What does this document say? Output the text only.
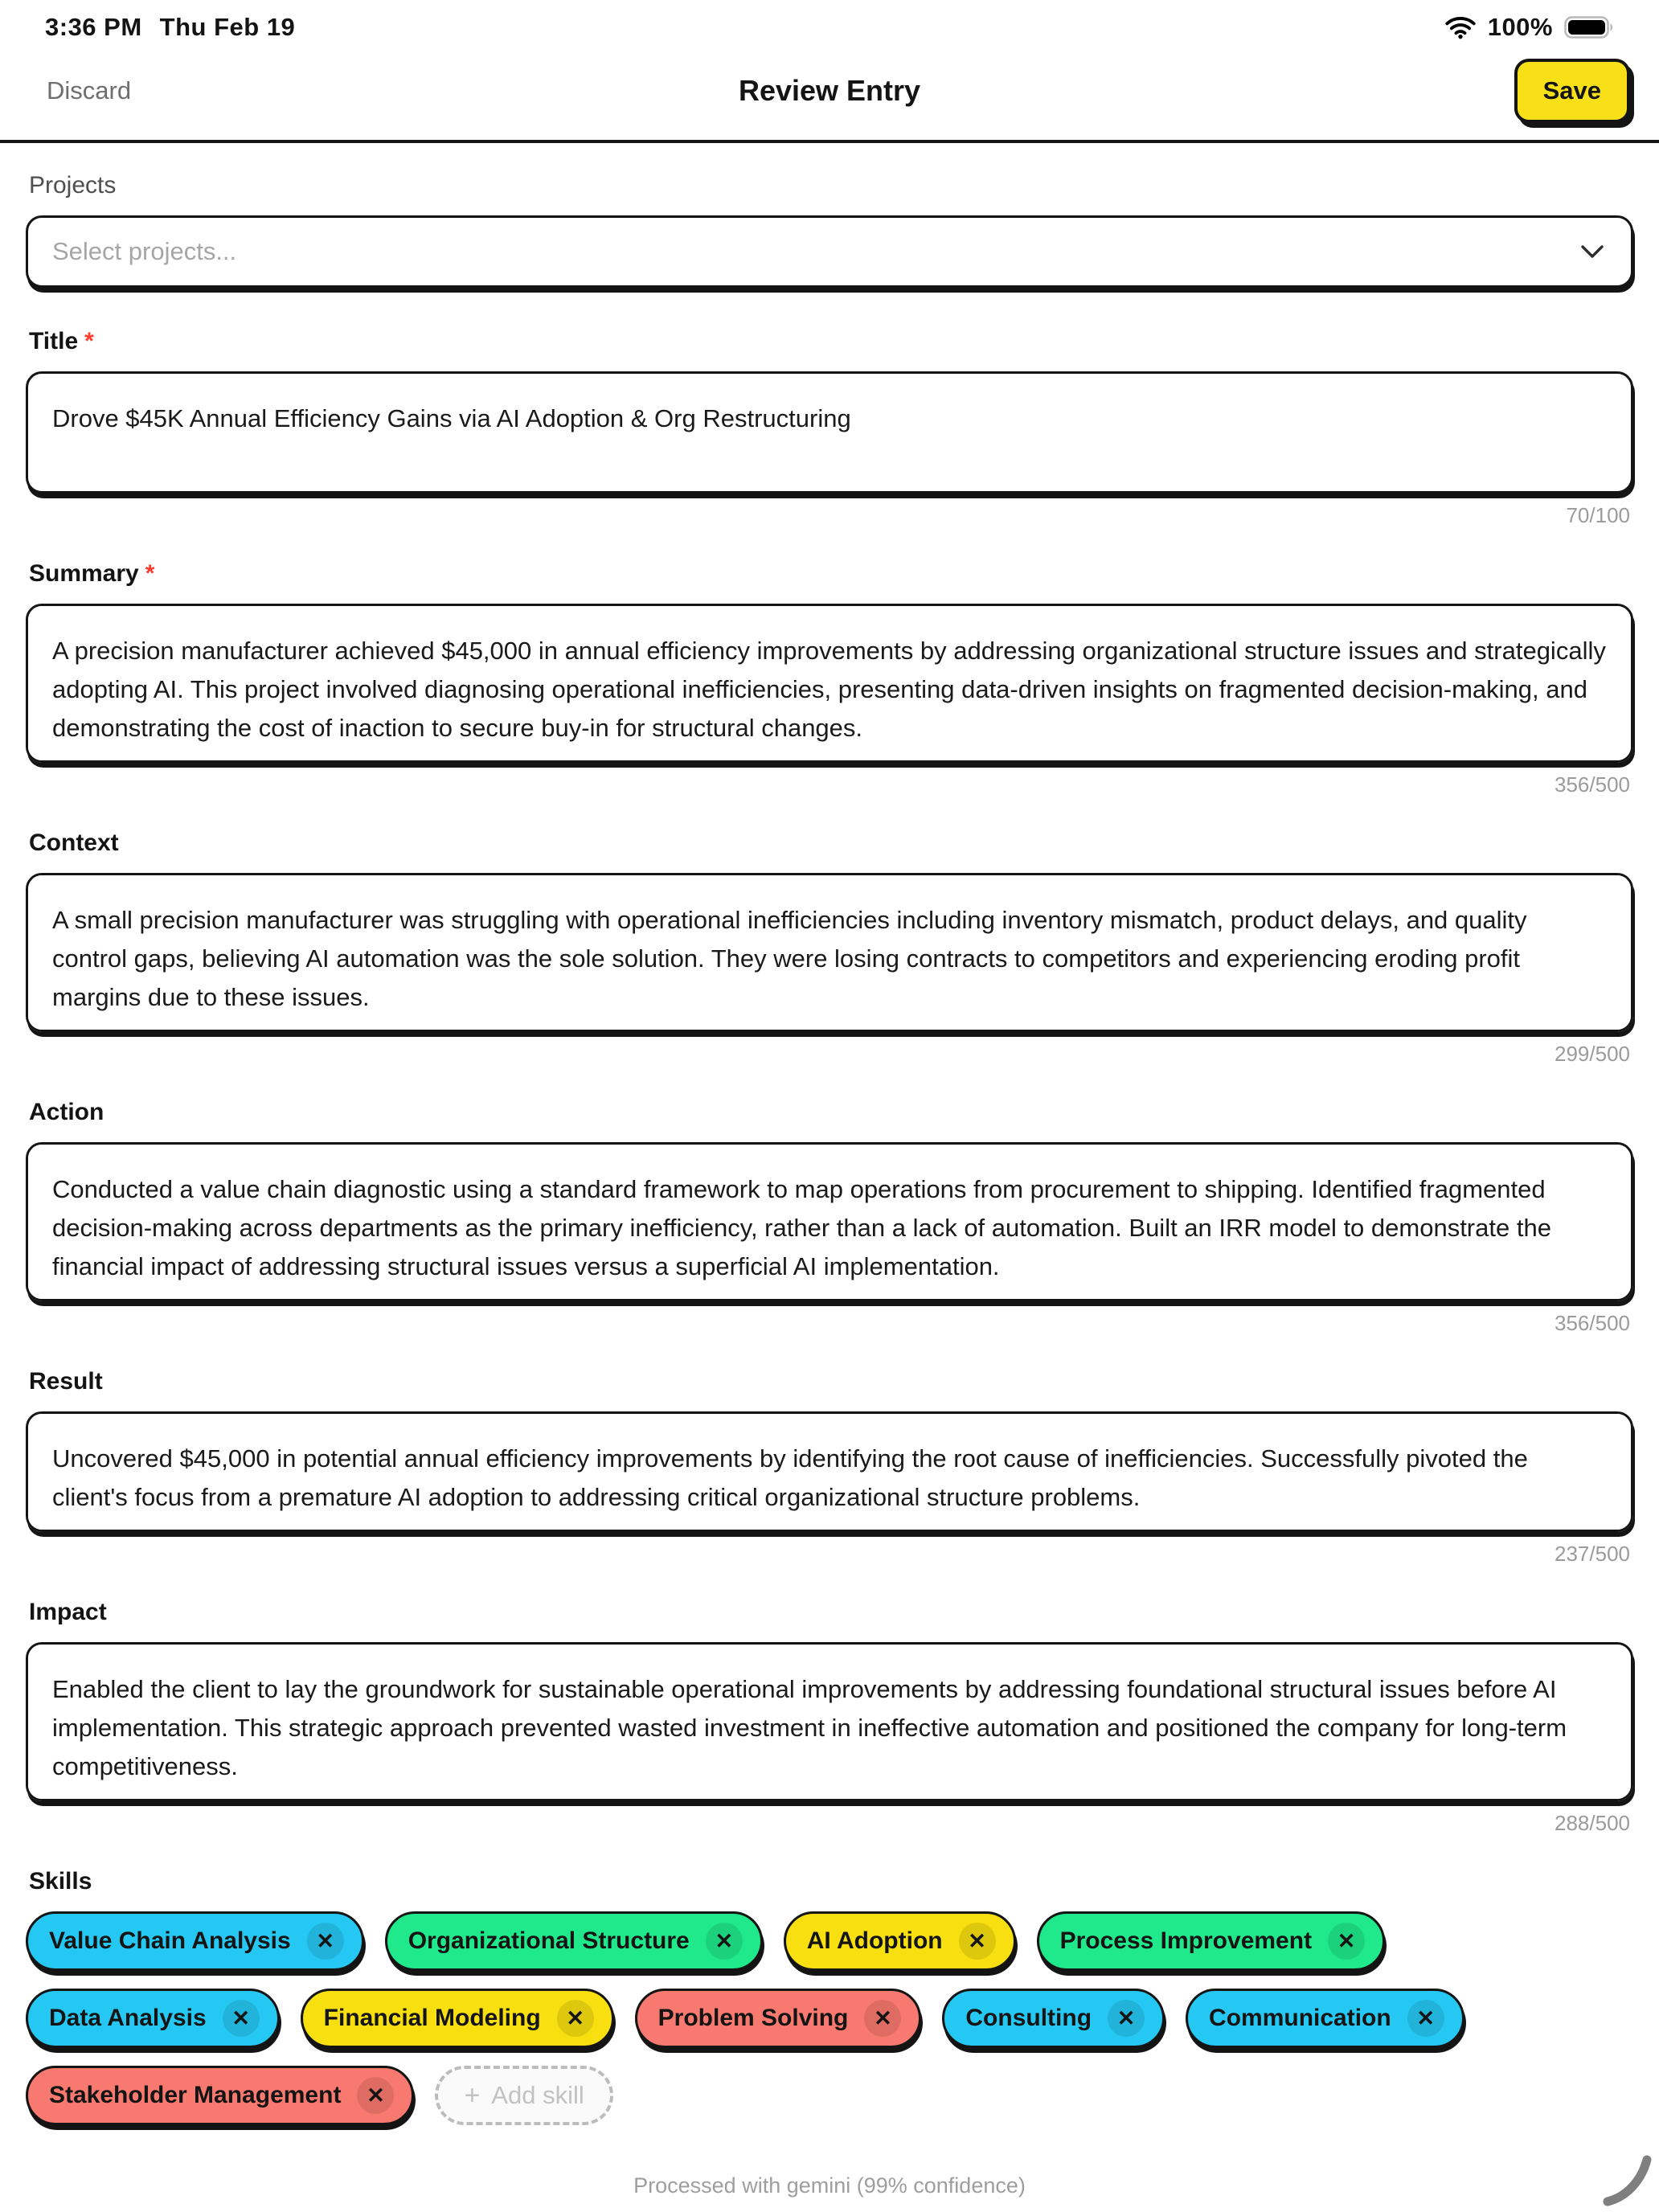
3:36 PM Thu Feb 19	100%
Discard	Review Entry	Save
Projects
Select projects...
Title *
Drove $45K Annual Efficiency Gains via AI Adoption & Org Restructuring
70/100
Summary *
A precision manufacturer achieved $45,000 in annual efficiency improvements by addressing organizational structure issues and strategically adopting AI. This project involved diagnosing operational inefficiencies, presenting data-driven insights on fragmented decision-making, and demonstrating the cost of inaction to secure buy-in for structural changes.
356/500
Context
A small precision manufacturer was struggling with operational inefficiencies including inventory mismatch, product delays, and quality control gaps, believing AI automation was the sole solution. They were losing contracts to competitors and experiencing eroding profit margins due to these issues.
299/500
Action
Conducted a value chain diagnostic using a standard framework to map operations from procurement to shipping. Identified fragmented decision-making across departments as the primary inefficiency, rather than a lack of automation. Built an IRR model to demonstrate the financial impact of addressing structural issues versus a superficial AI implementation.
356/500
Result
Uncovered $45,000 in potential annual efficiency improvements by identifying the root cause of inefficiencies. Successfully pivoted the client's focus from a premature AI adoption to addressing critical organizational structure problems.
237/500
Impact
Enabled the client to lay the groundwork for sustainable operational improvements by addressing foundational structural issues before AI implementation. This strategic approach prevented wasted investment in ineffective automation and positioned the company for long-term competitiveness.
288/500
Skills
Value Chain Analysis	✕	Organizational Structure	✕	AI Adoption	✕	Process Improvement	✕
Data Analysis	✕	Financial Modeling	✕	Problem Solving	✕	Consulting	✕	Communication	✕
Stakeholder Management	✕	+ Add skill
Processed with gemini (99% confidence)
